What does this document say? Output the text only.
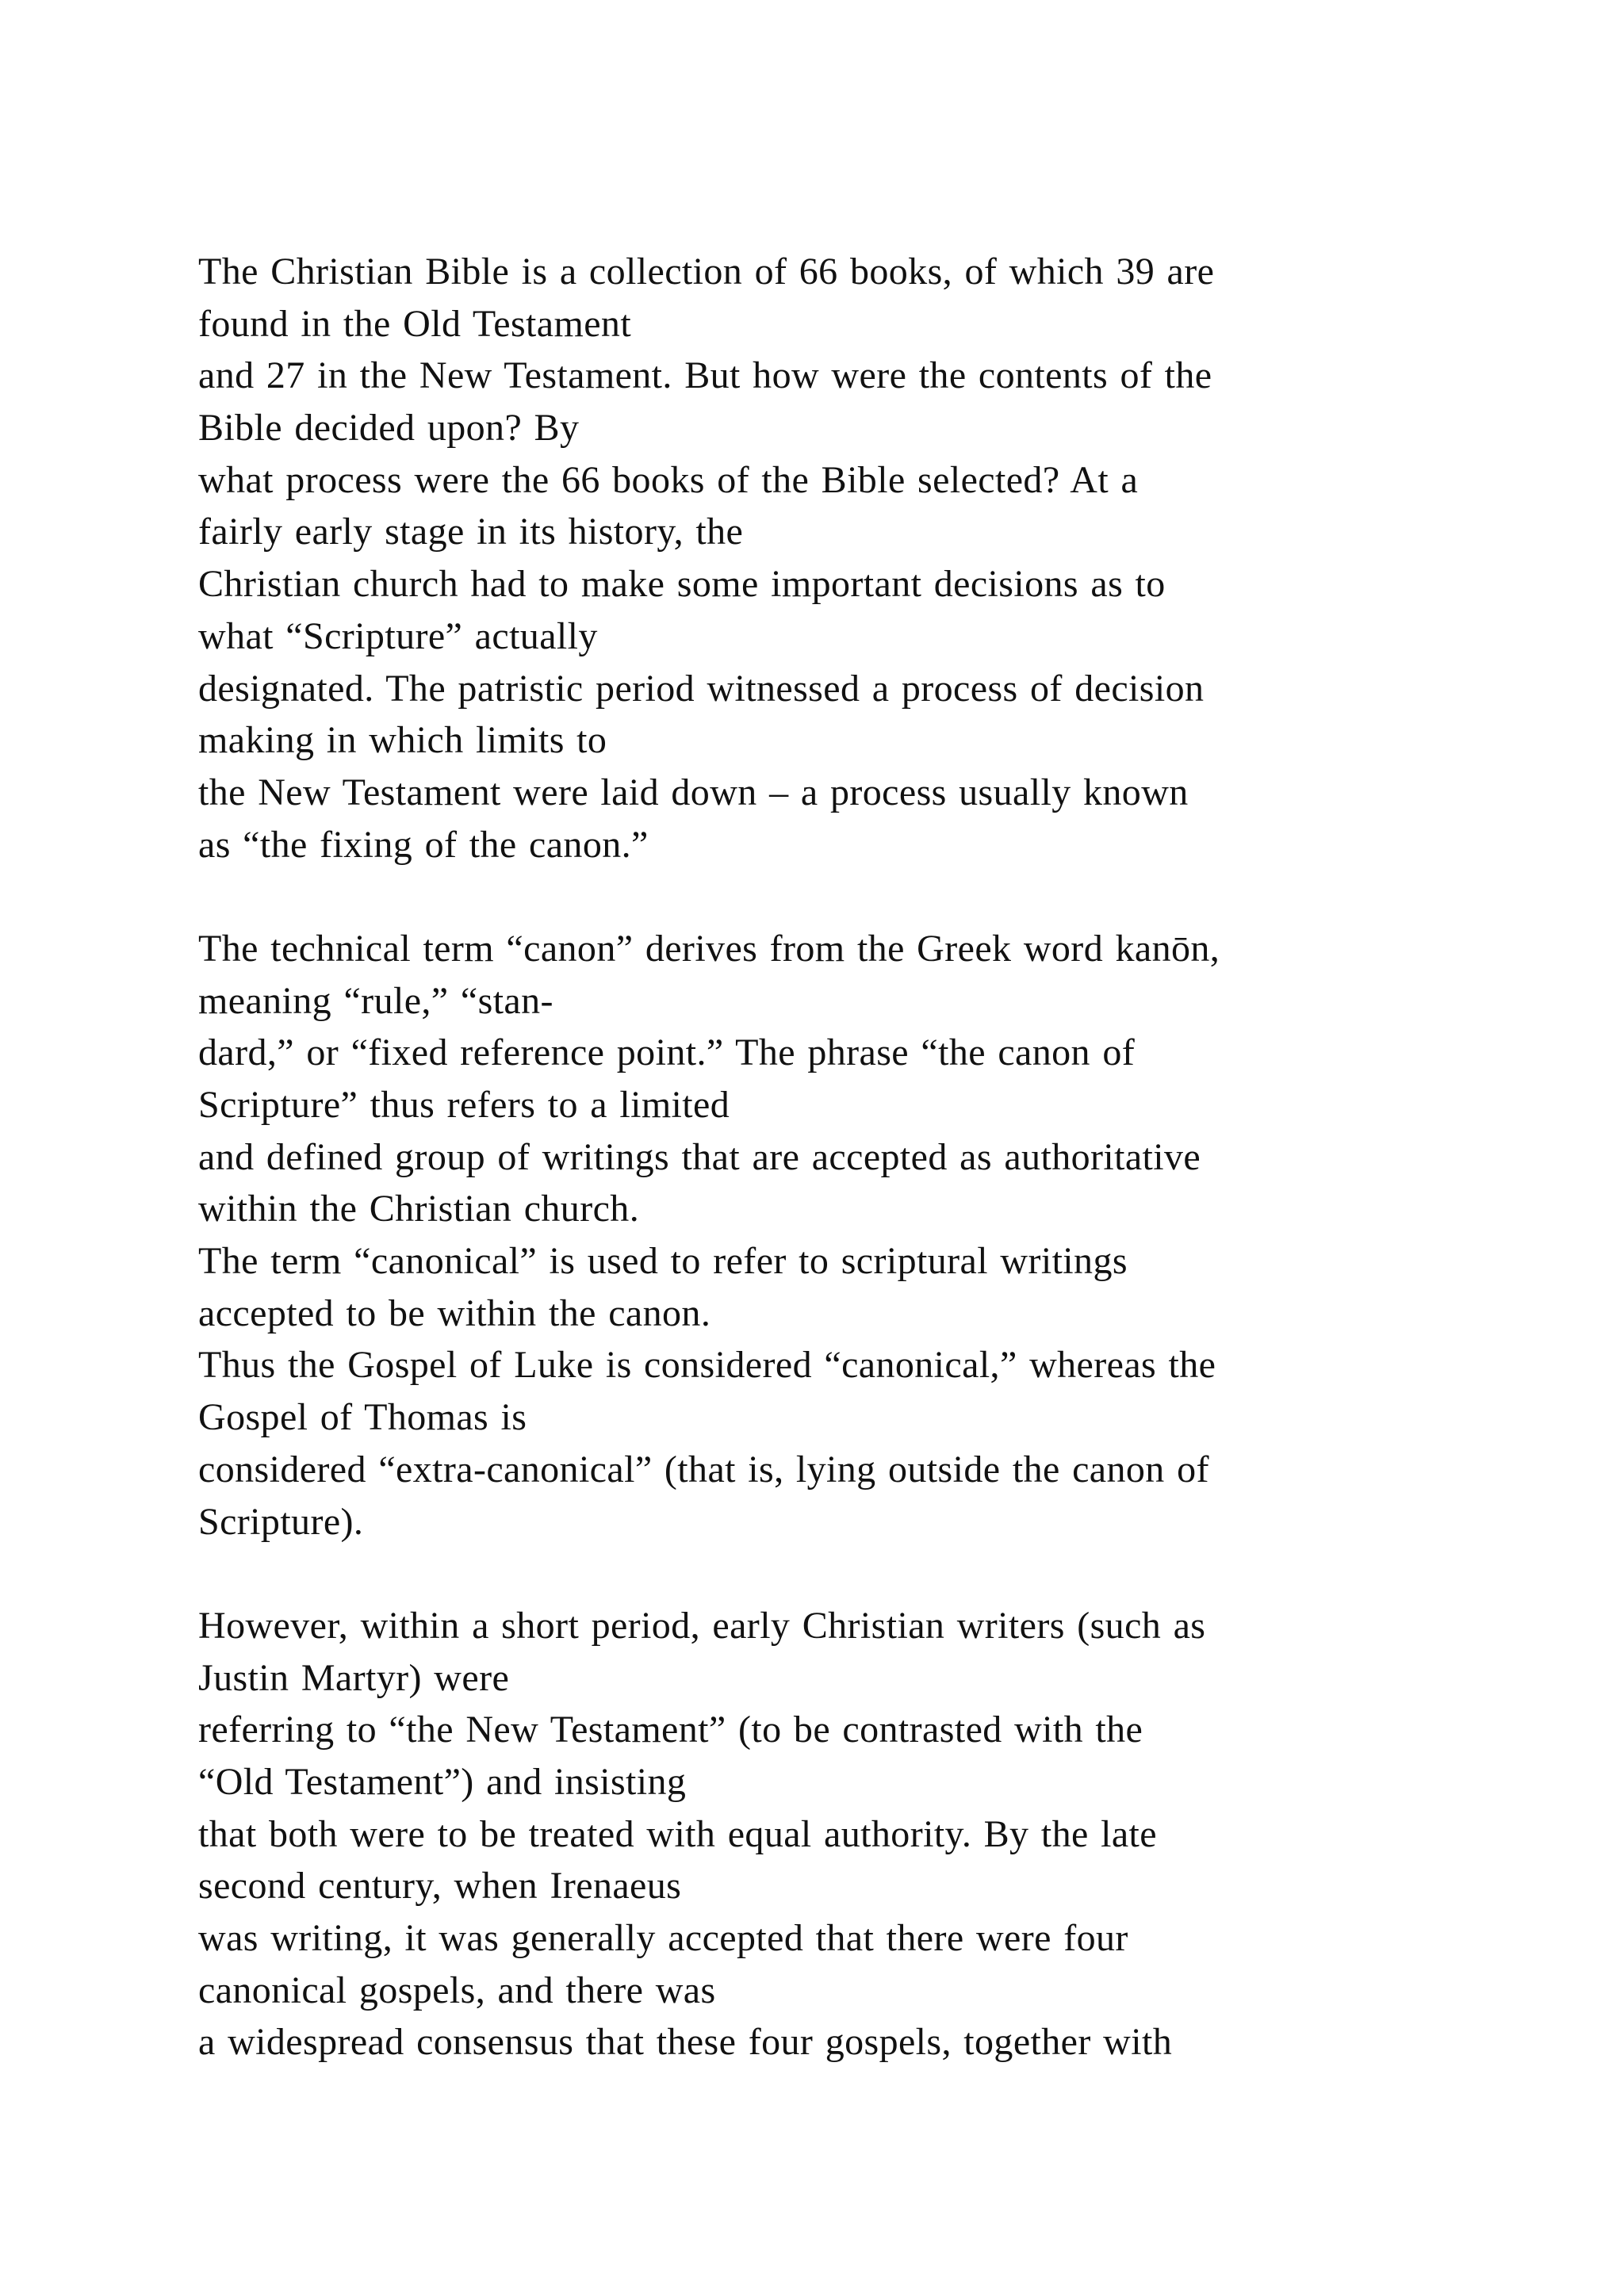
The Christian Bible is a collection of 66 books, of which 39 are
found in the Old Testament
and 27 in the New Testament. But how were the contents of the
Bible decided upon? By
what process were the 66 books of the Bible selected? At a
fairly early stage in its history, the
Christian church had to make some important decisions as to
what “Scripture” actually
designated. The patristic period witnessed a process of decision
making in which limits to
the New Testament were laid down – a process usually known
as “the fixing of the canon.”
The technical term “canon” derives from the Greek word kanōn,
meaning “rule,” “stan-
dard,” or “fixed reference point.” The phrase “the canon of
Scripture” thus refers to a limited
and defined group of writings that are accepted as authoritative
within the Christian church.
The term “canonical” is used to refer to scriptural writings
accepted to be within the canon.
Thus the Gospel of Luke is considered “canonical,” whereas the
Gospel of Thomas is
considered “extra-canonical” (that is, lying outside the canon of
Scripture).
However, within a short period, early Christian writers (such as
Justin Martyr) were
referring to “the New Testament” (to be contrasted with the
“Old Testament”) and insisting
that both were to be treated with equal authority. By the late
second century, when Irenaeus
was writing, it was generally accepted that there were four
canonical gospels, and there was
a widespread consensus that these four gospels, together with
